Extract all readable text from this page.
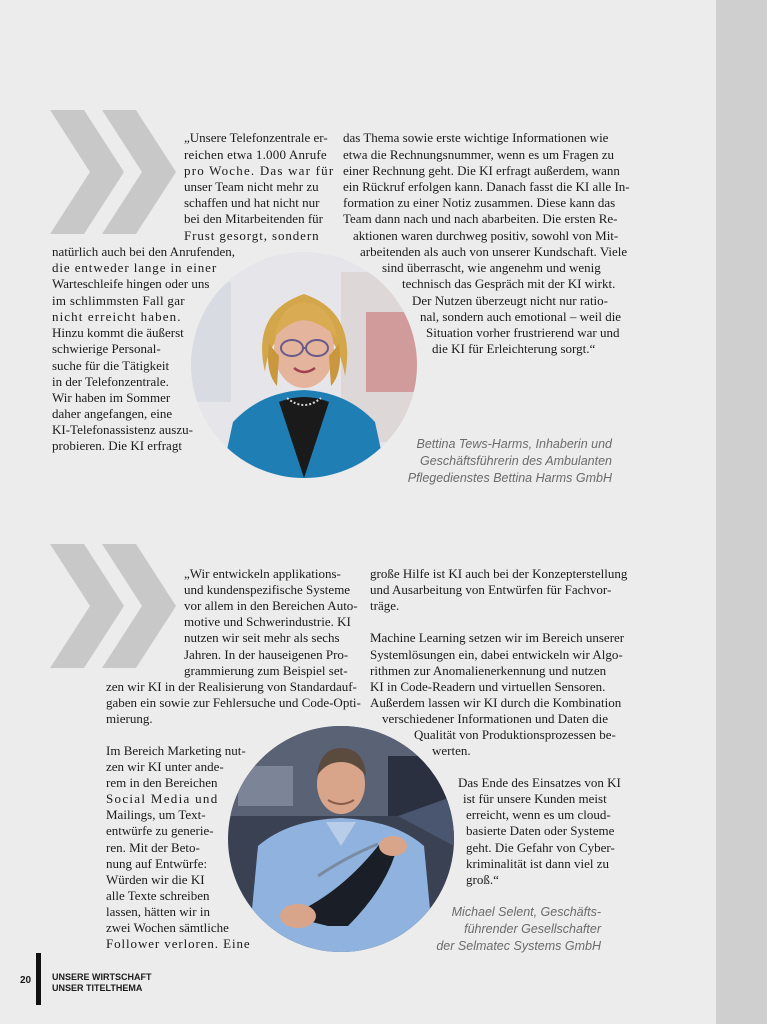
„Unsere Telefonzentrale er-

reichen etwa 1.000 Anrufe

pro Woche. Das war für

unser Team nicht mehr zu

schaffen und hat nicht nur

bei den Mitarbeitenden für

Frust gesorgt, sondern

natürlich auch bei den Anrufenden,

die entweder lange in einer

Warteschleife hingen oder uns

im schlimmsten Fall gar

nicht erreicht haben.

Hinzu kommt die äußerst

schwierige Personal-

suche für die Tätigkeit

in der Telefonzentrale.

Wir haben im Sommer

daher angefangen, eine

KI-Telefonassistenz auszu-

probieren. Die KI erfragt

das Thema sowie erste wichtige Informationen wie

etwa die Rechnungsnummer, wenn es um Fragen zu

einer Rechnung geht. Die KI erfragt außerdem, wann

ein Rückruf erfolgen kann. Danach fasst die KI alle In-

formation zu einer Notiz zusammen. Diese kann das

Team dann nach und nach abarbeiten. Die ersten Re-

aktionen waren durchweg positiv, sowohl von Mit-

arbeitenden als auch von unserer Kundschaft. Viele

sind überrascht, wie angenehm und wenig

technisch das Gespräch mit der KI wirkt.

Der Nutzen überzeugt nicht nur ratio-

nal, sondern auch emotional – weil die

Situation vorher frustrierend war und

die KI für Erleichterung sorgt.“

Bettina Tews-Harms, Inhaberin und
Geschäftsführerin des Ambulanten
Pflegedienstes Bettina Harms GmbH

„Wir entwickeln applikations-

und kundenspezifische Systeme

vor allem in den Bereichen Auto-

motive und Schwerindustrie. KI

nutzen wir seit mehr als sechs

Jahren. In der hauseigenen Pro-

grammierung zum Beispiel set-

zen wir KI in der Realisierung von Standardauf-

gaben ein sowie zur Fehlersuche und Code-Opti-

mierung.

Im Bereich Marketing nut-

zen wir KI unter ande-

rem in den Bereichen

Social Media und

Mailings, um Text-

entwürfe zu generie-

ren. Mit der Beto-

nung auf Entwürfe:

Würden wir die KI

alle Texte schreiben

lassen, hätten wir in

zwei Wochen sämtliche

Follower verloren. Eine

große Hilfe ist KI auch bei der Konzepterstellung

und Ausarbeitung von Entwürfen für Fachvor-

träge.

Machine Learning setzen wir im Bereich unserer

Systemlösungen ein, dabei entwickeln wir Algo-

rithmen zur Anomalienerkennung und nutzen

KI in Code-Readern und virtuellen Sensoren.

Außerdem lassen wir KI durch die Kombination

verschiedener Informationen und Daten die

Qualität von Produktionsprozessen be-

werten.

Das Ende des Einsatzes von KI

ist für unsere Kunden meist

erreicht, wenn es um cloud-

basierte Daten oder Systeme

geht. Die Gefahr von Cyber-

kriminalität ist dann viel zu

groß.“

Michael Selent, Geschäfts-
führender Gesellschafter
der Selmatec Systems GmbH
20 UNSERE WIRTSCHAFT
UNSER TITELTHEMA
